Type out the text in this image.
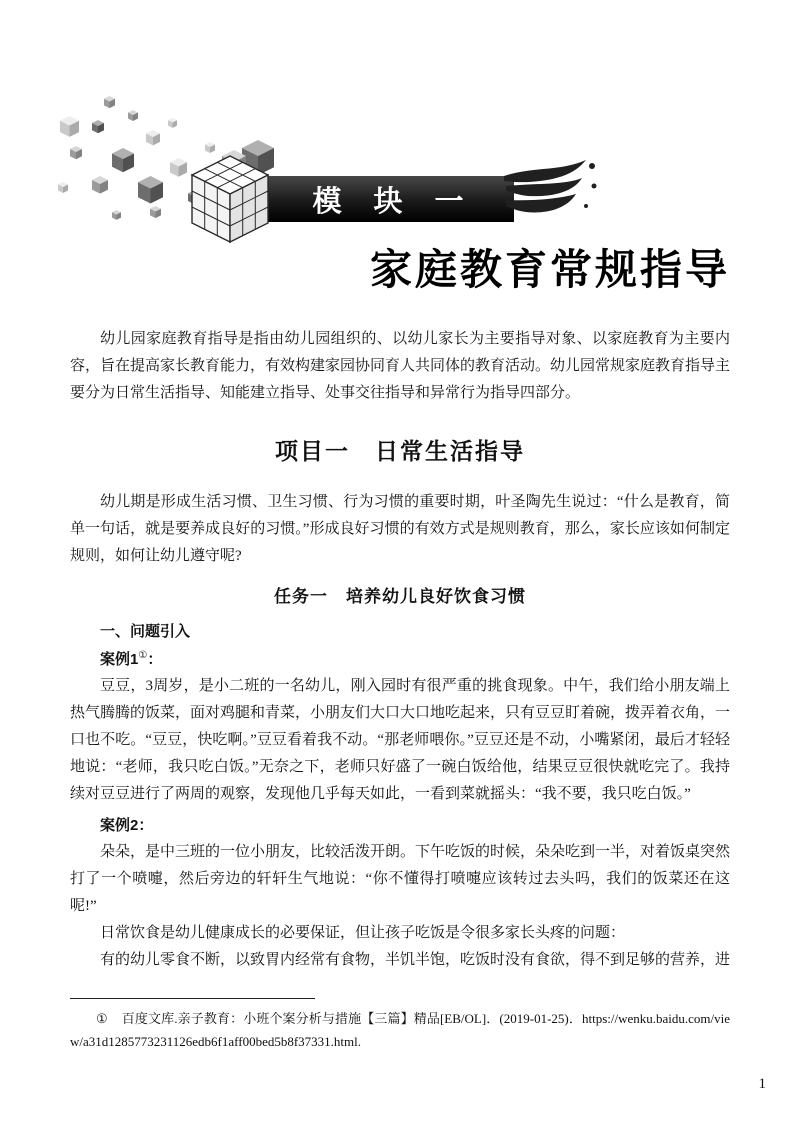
模 块 一
家庭教育常规指导

幼儿园家庭教育指导是指由幼儿园组织的、以幼儿家长为主要指导对象、以家庭教育为主要内容，旨在提高家长教育能力，有效构建家园协同育人共同体的教育活动。幼儿园常规家庭教育指导主要分为日常生活指导、知能建立指导、处事交往指导和异常行为指导四部分。

项目一　日常生活指导

幼儿期是形成生活习惯、卫生习惯、行为习惯的重要时期，叶圣陶先生说过：“什么是教育，简单一句话，就是要养成良好的习惯。”形成良好习惯的有效方式是规则教育，那么，家长应该如何制定规则，如何让幼儿遵守呢?

任务一　培养幼儿良好饮食习惯
一、问题引入

案例1①：

豆豆，3周岁，是小二班的一名幼儿，刚入园时有很严重的挑食现象。中午，我们给小朋友端上热气腾腾的饭菜，面对鸡腿和青菜，小朋友们大口大口地吃起来，只有豆豆盯着碗，拨弄着衣角，一口也不吃。“豆豆，快吃啊。”豆豆看着我不动。“那老师喂你。”豆豆还是不动，小嘴紧闭，最后才轻轻地说：“老师，我只吃白饭。”无奈之下，老师只好盛了一碗白饭给他，结果豆豆很快就吃完了。我持续对豆豆进行了两周的观察，发现他几乎每天如此，一看到菜就摇头：“我不要，我只吃白饭。”

案例2：

朵朵，是中三班的一位小朋友，比较活泼开朗。下午吃饭的时候，朵朵吃到一半，对着饭桌突然打了一个喷嚏，然后旁边的轩轩生气地说：“你不懂得打喷嚏应该转过去头吗，我们的饭菜还在这呢!”

日常饮食是幼儿健康成长的必要保证，但让孩子吃饭是令很多家长头疼的问题：

有的幼儿零食不断，以致胃内经常有食物，半饥半饱，吃饭时没有食欲，得不到足够的营养，进

① 百度文库.亲子教育：小班个案分析与措施【三篇】精品[EB/OL]．(2019-01-25)．https://wenku.baidu.com/view/a31d1285773231126edb6f1aff00bed5b8f37331.html.

1
